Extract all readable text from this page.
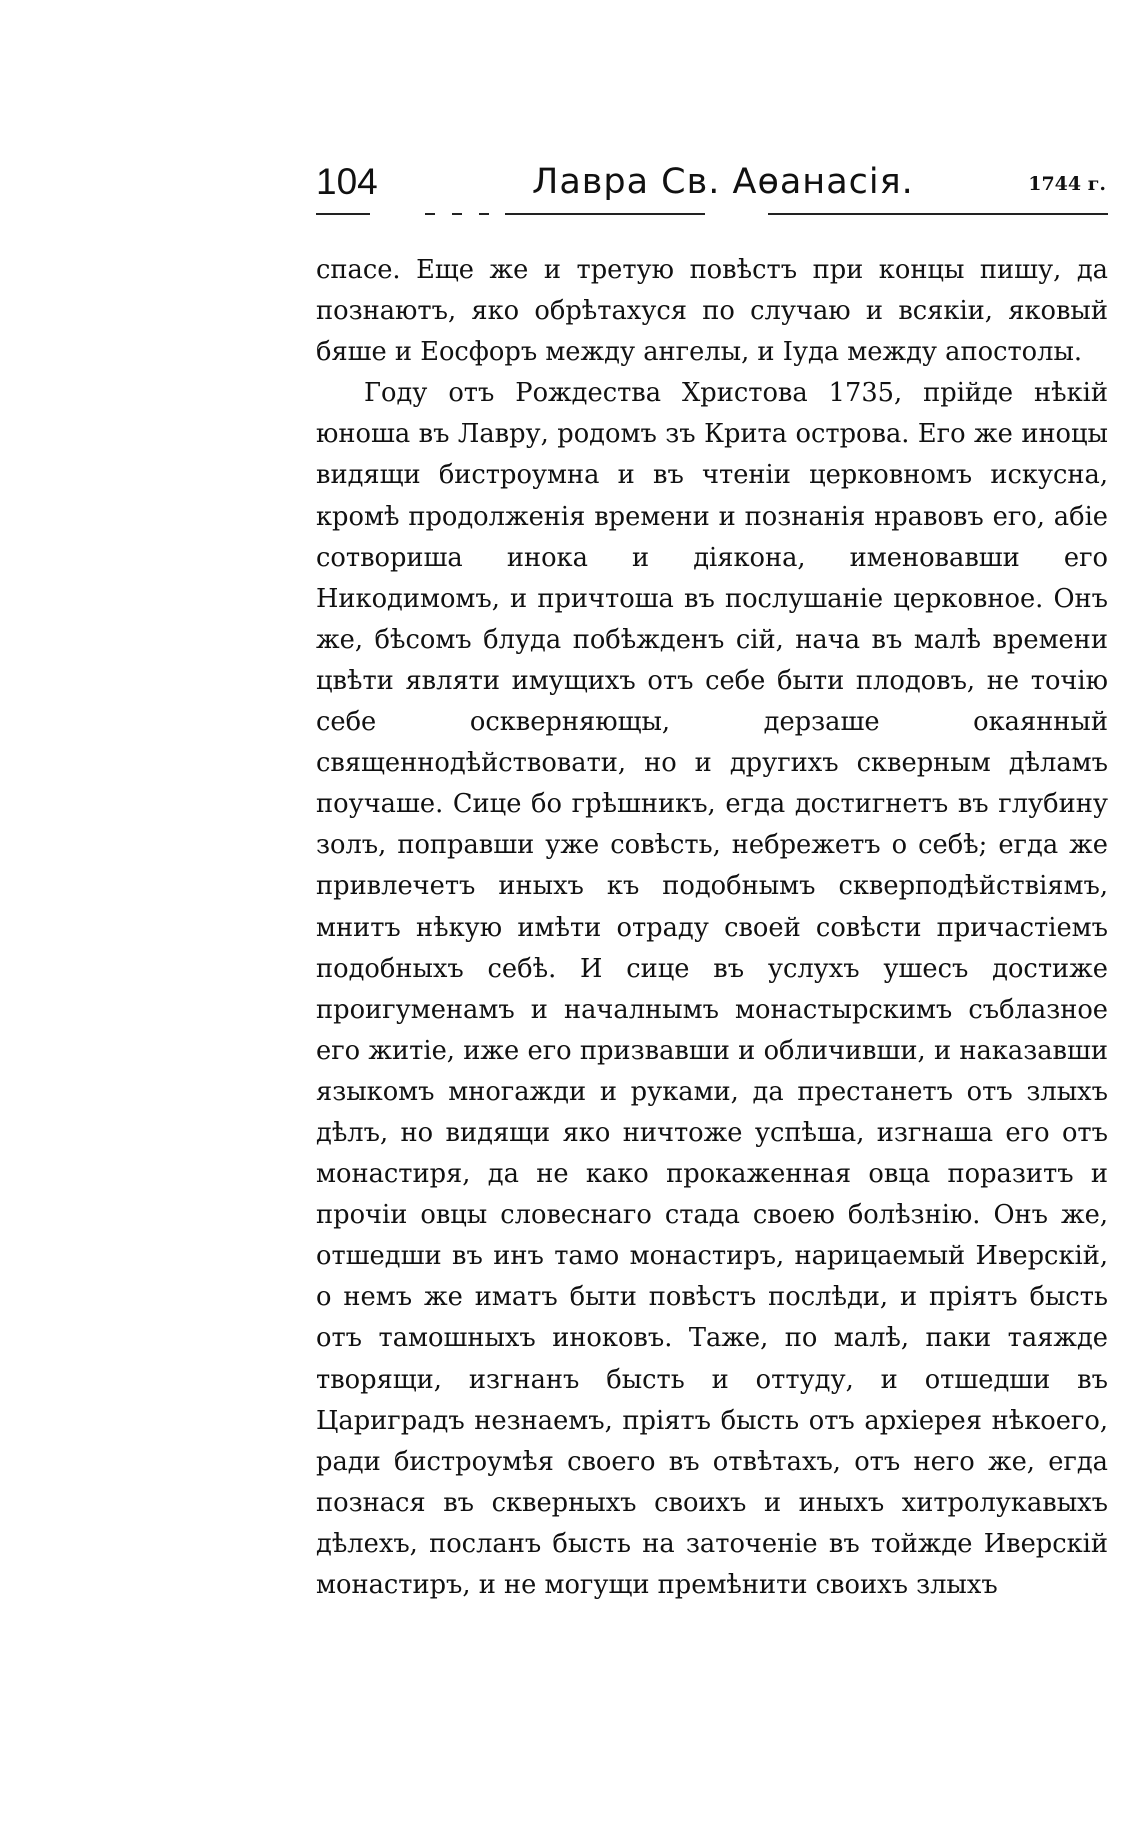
104	Лавра Св. Аѳанасія.	1744 г.

спасе. Еще же и третую повѣстъ при концы пишу, да познаютъ, яко обрѣтахуся по случаю и всякіи, яковый бяше и Еосфоръ между ангелы, и Іуда между апостолы.

Году отъ Рождества Христова 1735, прійде нѣкій юноша въ Лавру, родомъ зъ Крита острова. Его же иноцы видящи бистроумна и въ чтеніи церковномъ искусна, кромѣ продолженія времени и познанія нравовъ его, абіе сотвориша инока и діякона, именовавши его Никодимомъ, и причтоша въ послушаніе церковное. Онъ же, бѣсомъ блуда побѣжденъ сій, нача въ малѣ времени цвѣти являти имущихъ отъ себе быти плодовъ, не точію себе оскверняющы, дерзаше окаянный священнодѣйствовати, но и другихъ скверным дѣламъ поучаше. Сице бо грѣшникъ, егда достигнетъ въ глубину золъ, поправши уже совѣсть, небрежетъ о себѣ; егда же привлечетъ иныхъ къ подобнымъ скверподѣйствіямъ, мнитъ нѣкую имѣти отраду своей совѣсти причастіемъ подобныхъ себѣ. И сице въ услухъ ушесъ достиже проигуменамъ и началнымъ монастырскимъ съблазное его житіе, иже его призвавши и обличивши, и наказавши языкомъ многажди и руками, да престанетъ отъ злыхъ дѣлъ, но видящи яко ничтоже успѣша, изгнаша его отъ монастиря, да не како прокаженная овца поразитъ и прочіи овцы словеснаго стада своею болѣзнію. Онъ же, отшедши въ инъ тамо монастиръ, нарицаемый Иверскій, о немъ же иматъ быти повѣстъ послѣди, и пріятъ бысть отъ тамошныхъ иноковъ. Таже, по малѣ, паки таяжде творящи, изгнанъ бысть и оттуду, и отшедши въ Цариградъ незнаемъ, пріятъ бысть отъ архіерея нѣкоего, ради бистроумѣя своего въ отвѣтахъ, отъ него же, егда познася въ скверныхъ своихъ и иныхъ хитролукавыхъ дѣлехъ, посланъ бысть на заточеніе въ тойжде Иверскій монастиръ, и не могущи премѣнити своихъ злыхъ
